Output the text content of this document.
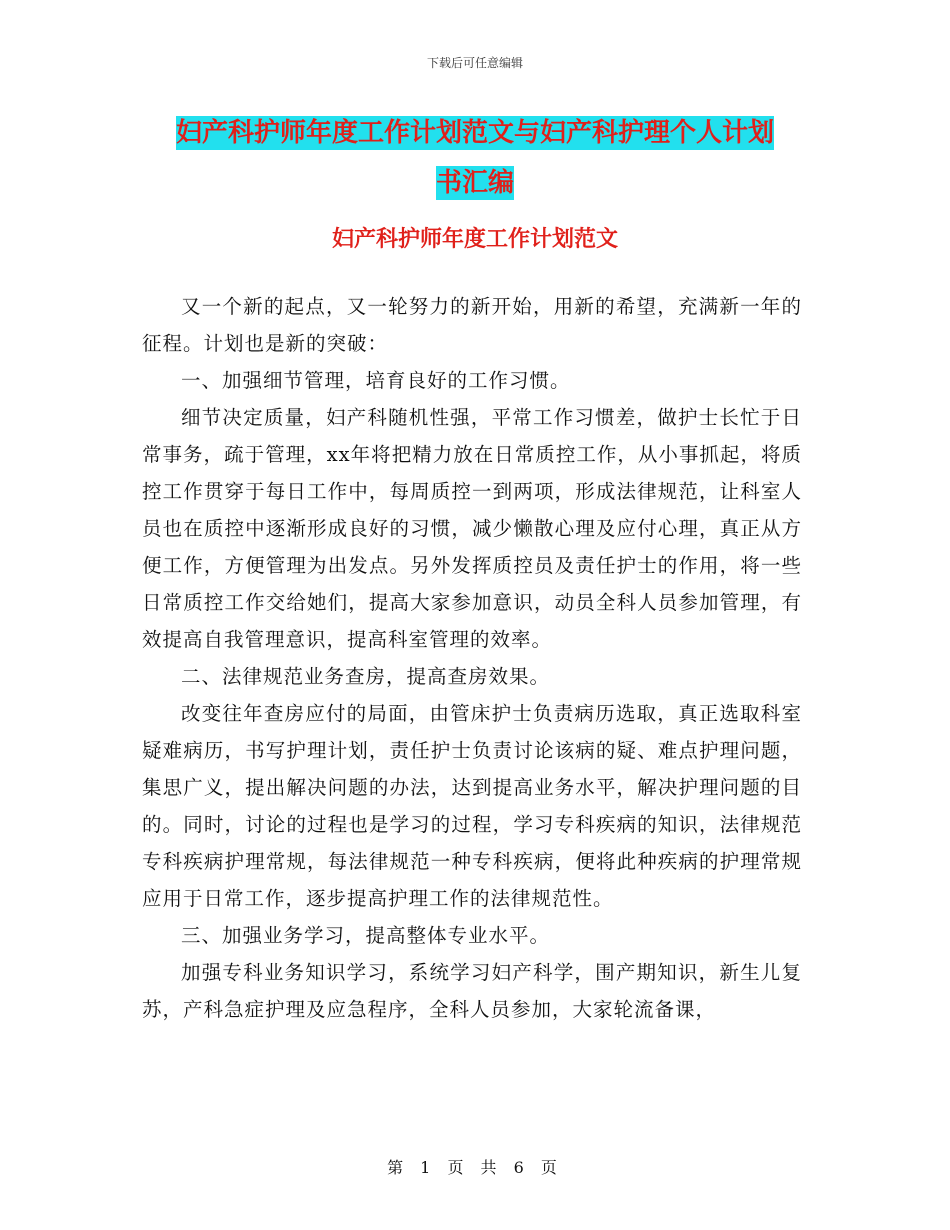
下载后可任意编辑
妇产科护师年度工作计划范文与妇产科护理个人计划
书汇编
妇产科护师年度工作计划范文

又一个新的起点，又一轮努力的新开始，用新的希望，充满新一年的征程。计划也是新的突破：

一、加强细节管理，培育良好的工作习惯。

细节决定质量，妇产科随机性强，平常工作习惯差，做护士长忙于日常事务，疏于管理，xx年将把精力放在日常质控工作，从小事抓起，将质控工作贯穿于每日工作中，每周质控一到两项，形成法律规范，让科室人员也在质控中逐渐形成良好的习惯，减少懒散心理及应付心理，真正从方便工作，方便管理为出发点。另外发挥质控员及责任护士的作用，将一些日常质控工作交给她们，提高大家参加意识，动员全科人员参加管理，有效提高自我管理意识，提高科室管理的效率。

二、法律规范业务查房，提高查房效果。

改变往年查房应付的局面，由管床护士负责病历选取，真正选取科室疑难病历，书写护理计划，责任护士负责讨论该病的疑、难点护理问题，集思广义，提出解决问题的办法，达到提高业务水平，解决护理问题的目的。同时，讨论的过程也是学习的过程，学习专科疾病的知识，法律规范专科疾病护理常规，每法律规范一种专科疾病，便将此种疾病的护理常规应用于日常工作，逐步提高护理工作的法律规范性。

三、加强业务学习，提高整体专业水平。

加强专科业务知识学习，系统学习妇产科学，围产期知识，新生儿复苏，产科急症护理及应急程序，全科人员参加，大家轮流备课，

第 1 页 共 6 页
